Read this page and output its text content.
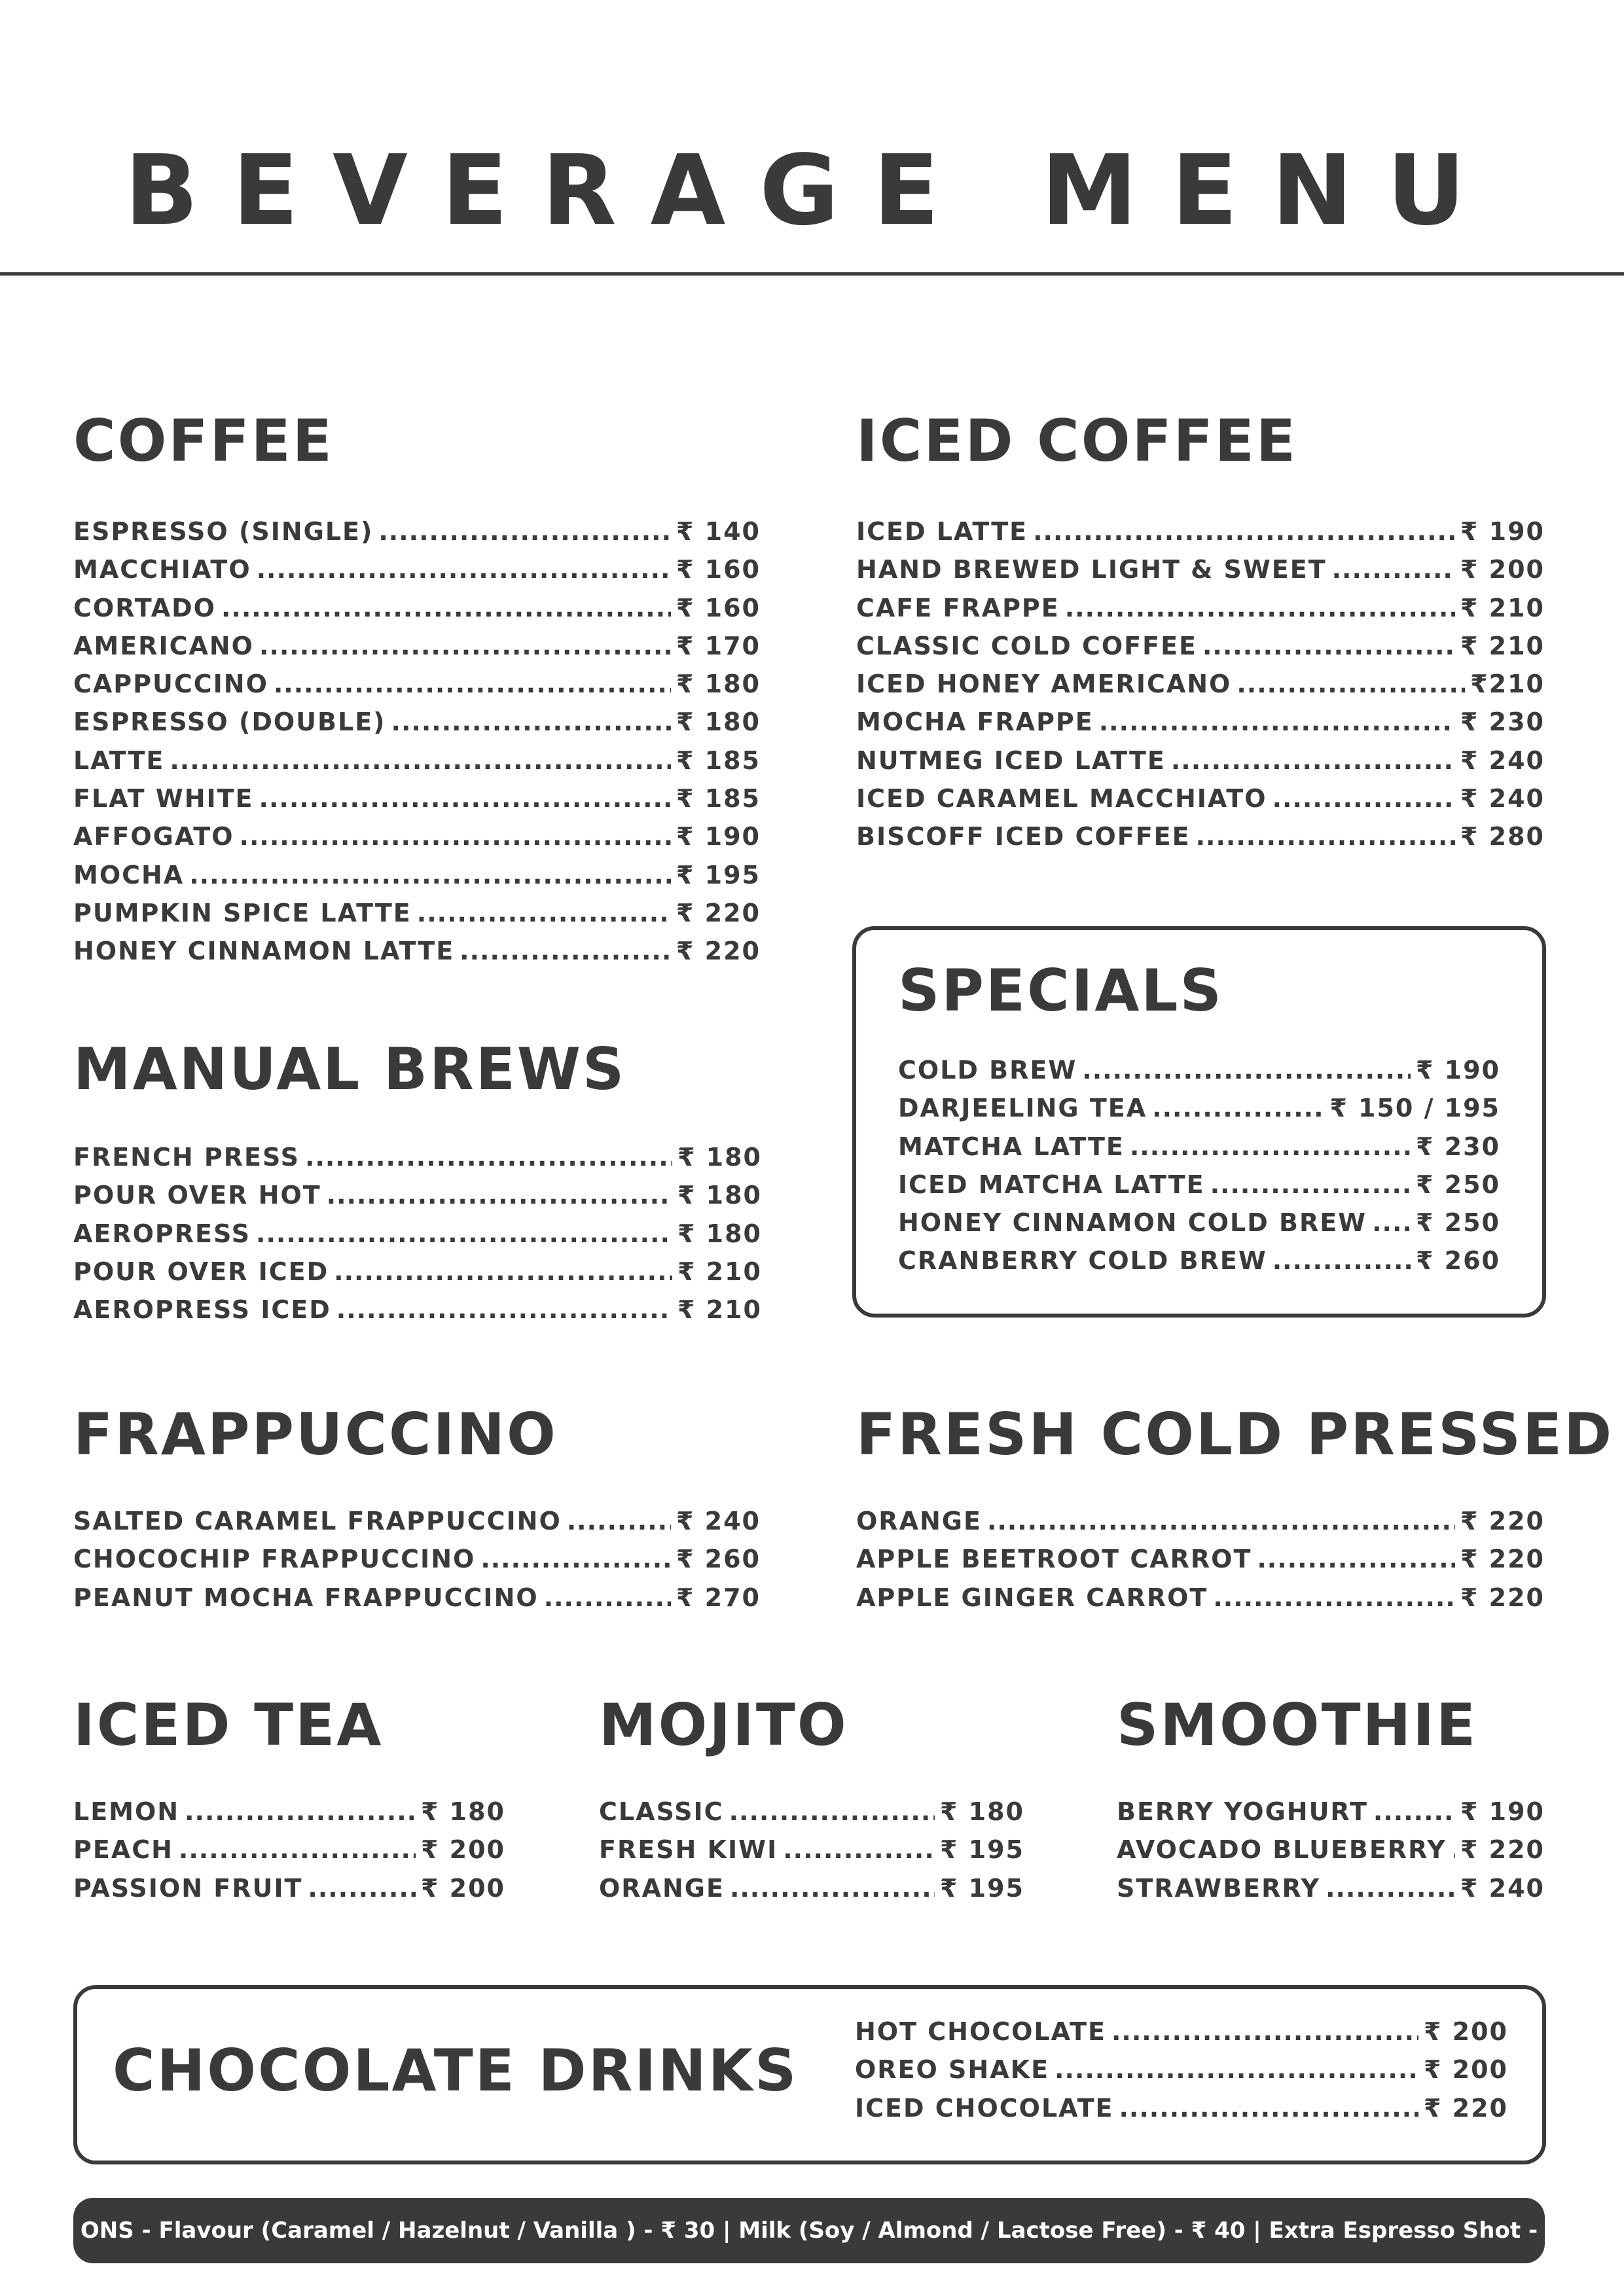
BEVERAGE MENU
COFFEE
ESPRESSO (SINGLE) .....	₹ 140
MACCHIATO .....	₹ 160
CORTADO .....	₹ 160
AMERICANO .....	₹ 170
CAPPUCCINO .....	₹ 180
ESPRESSO (DOUBLE) .....	₹ 180
LATTE .....	₹ 185
FLAT WHITE .....	₹ 185
AFFOGATO .....	₹ 190
MOCHA .....	₹ 195
PUMPKIN SPICE LATTE .....	₹ 220
HONEY CINNAMON LATTE .....	₹ 220
ICED COFFEE
ICED LATTE .....	₹ 190
HAND BREWED LIGHT & SWEET .....	₹ 200
CAFE FRAPPE .....	₹ 210
CLASSIC COLD COFFEE .....	₹ 210
ICED HONEY AMERICANO .....	₹210
MOCHA FRAPPE .....	₹ 230
NUTMEG ICED LATTE .....	₹ 240
ICED CARAMEL MACCHIATO .....	₹ 240
BISCOFF ICED COFFEE .....	₹ 280
SPECIALS
COLD BREW .....	₹ 190
DARJEELING TEA .....	₹ 150 / 195
MATCHA LATTE .....	₹ 230
ICED MATCHA LATTE .....	₹ 250
HONEY CINNAMON COLD BREW ..... ₹ 250
CRANBERRY COLD BREW .....	₹ 260
MANUAL BREWS
FRENCH PRESS .....	₹ 180
POUR OVER HOT .....	₹ 180
AEROPRESS .....	₹ 180
POUR OVER ICED .....	₹ 210
AEROPRESS ICED .....	₹ 210
FRAPPUCCINO
SALTED CARAMEL FRAPPUCCINO .....	₹ 240
CHOCOCHIP FRAPPUCCINO .....	₹ 260
PEANUT MOCHA FRAPPUCCINO .....	₹ 270
FRESH COLD PRESSED
ORANGE .....	₹ 220
APPLE BEETROOT CARROT .....	₹ 220
APPLE GINGER CARROT .....	₹ 220
ICED TEA
LEMON .....	₹ 180
PEACH .....	₹ 200
PASSION FRUIT .....	₹ 200
MOJITO
CLASSIC .....	₹ 180
FRESH KIWI .....	₹ 195
ORANGE .....	₹ 195
SMOOTHIE
BERRY YOGHURT .....	₹ 190
AVOCADO BLUEBERRY ..... ₹ 220
STRAWBERRY .....	₹ 240
CHOCOLATE DRINKS
HOT CHOCOLATE .....	₹ 200
OREO SHAKE .....	₹ 200
ICED CHOCOLATE .....	₹ 220
ADD ONS - Flavour (Caramel / Hazelnut / Vanilla ) - ₹ 30 | Milk (Soy / Almond / Lactose Free) - ₹ 40 | Extra Espresso Shot - ₹ 50
